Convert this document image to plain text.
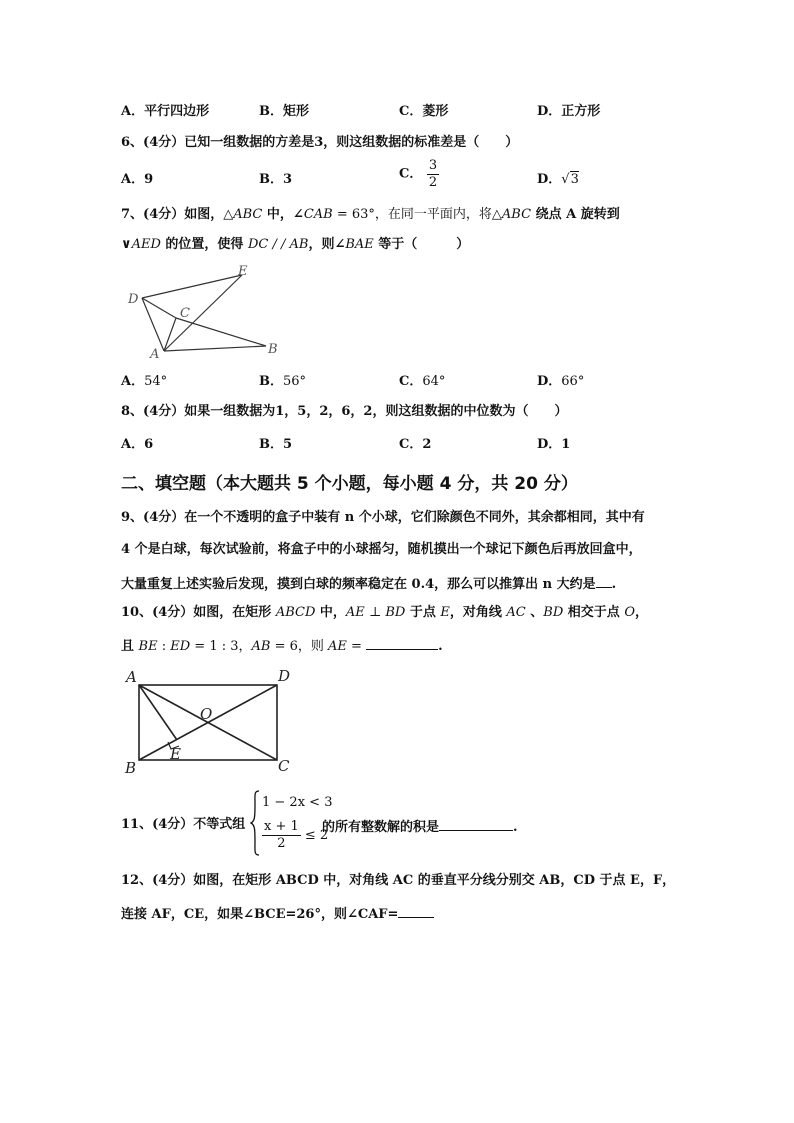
A．平行四边形	B．矩形	C．菱形	D．正方形
6、(4分）已知一组数据的方差是3，则这组数据的标准差是（　　）
A．9	B．3	C． $\frac{3}{2}$	D．√3
7、(4分）如图，△ABC 中，∠CAB = 63°，在同一平面内，将△ABC 绕点 A 旋转到
∨AED 的位置，使得 DC / / AB，则∠BAE 等于（　　　）
D
E
C
A	B
A．54°	B．56°	C．64°	D．66°
8、(4分）如果一组数据为1，5，2，6，2，则这组数据的中位数为（　　）
A．6	B．5	C．2	D．1
二、填空题（本大题共 5 个小题，每小题 4 分，共 20 分）
9、(4分）在一个不透明的盒子中装有 n 个小球，它们除颜色不同外，其余都相同，其中有
4 个是白球，每次试验前，将盒子中的小球摇匀，随机摸出一个球记下颜色后再放回盒中，
大量重复上述实验后发现，摸到白球的频率稳定在 0.4，那么可以推算出 n 大约是 .
10、(4分）如图，在矩形 ABCD 中，AE ⊥ BD 于点 E，对角线 AC 、BD 相交于点 O，
且 BE : ED = 1 : 3，AB = 6，则 AE =	.
A	D
O
E
B	C
11、(4分）不等式组
1 − 2x < 3
$\frac{x + 1}{2} \le 2$
的所有整数解的积是	.
12、(4分）如图，在矩形 ABCD 中，对角线 AC 的垂直平分线分别交 AB，CD 于点 E，F，
连接 AF，CE，如果∠BCE=26°，则∠CAF=
